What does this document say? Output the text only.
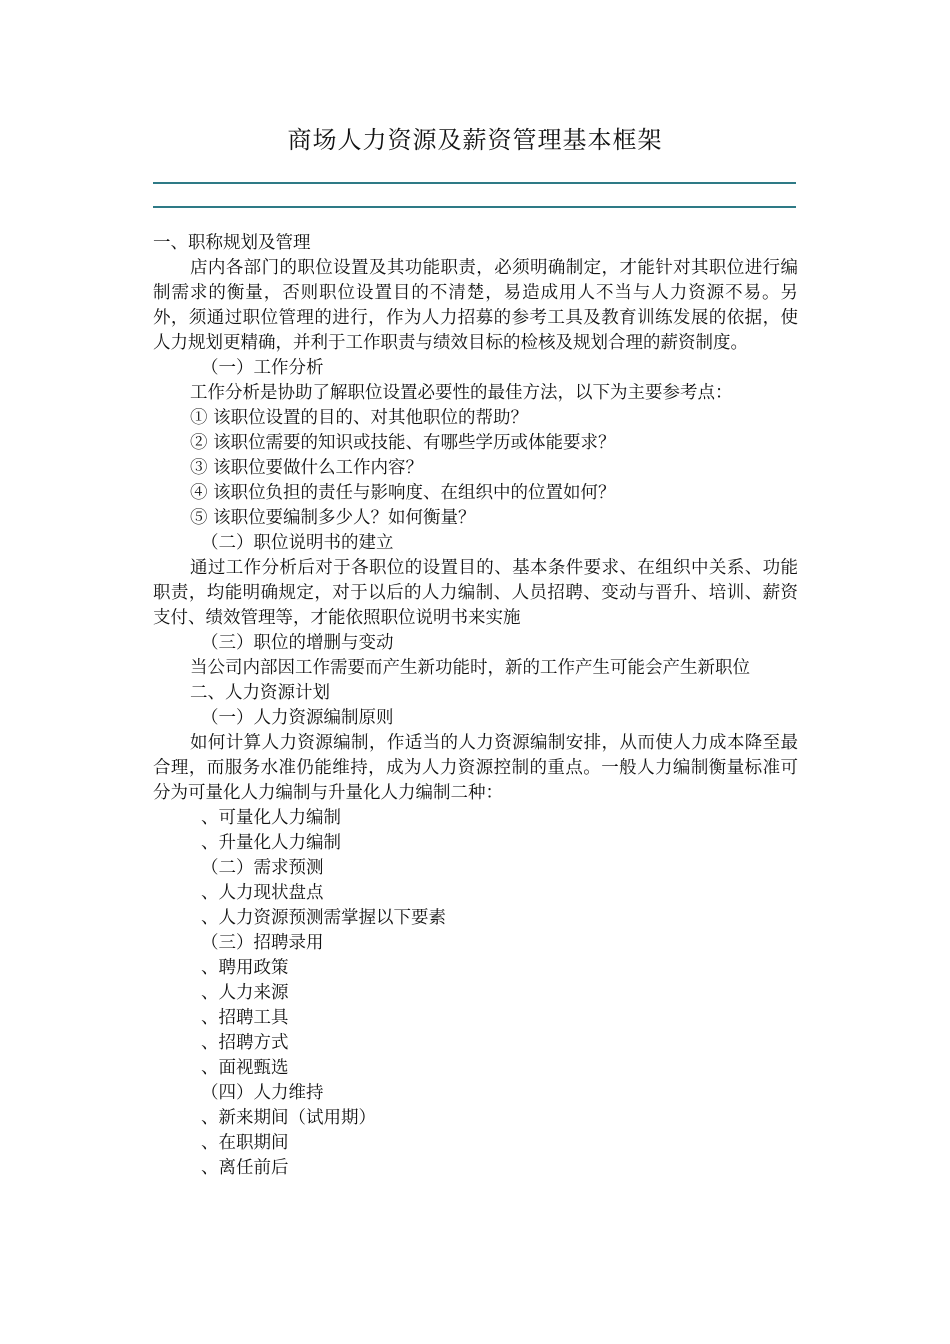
商场人力资源及薪资管理基本框架
一、职称规划及管理
店内各部门的职位设置及其功能职责，必须明确制定，才能针对其职位进行编制需求的衡量，否则职位设置目的不清楚，易造成用人不当与人力资源不易。另外，须通过职位管理的进行，作为人力招募的参考工具及教育训练发展的依据，使人力规划更精确，并利于工作职责与绩效目标的检核及规划合理的薪资制度。
（一）工作分析
工作分析是协助了解职位设置必要性的最佳方法，以下为主要参考点：
① 该职位设置的目的、对其他职位的帮助？
② 该职位需要的知识或技能、有哪些学历或体能要求？
③ 该职位要做什么工作内容？
④ 该职位负担的责任与影响度、在组织中的位置如何？
⑤ 该职位要编制多少人？如何衡量？
（二）职位说明书的建立
通过工作分析后对于各职位的设置目的、基本条件要求、在组织中关系、功能职责，均能明确规定，对于以后的人力编制、人员招聘、变动与晋升、培训、薪资支付、绩效管理等，才能依照职位说明书来实施
（三）职位的增删与变动
当公司内部因工作需要而产生新功能时，新的工作产生可能会产生新职位
二、人力资源计划
（一）人力资源编制原则
如何计算人力资源编制，作适当的人力资源编制安排，从而使人力成本降至最合理，而服务水准仍能维持，成为人力资源控制的重点。一般人力编制衡量标准可分为可量化人力编制与升量化人力编制二种：
、可量化人力编制
、升量化人力编制
（二）需求预测
、人力现状盘点
、人力资源预测需掌握以下要素
（三）招聘录用
、聘用政策
、人力来源
、招聘工具
、招聘方式
、面视甄选
（四）人力维持
、新来期间（试用期）
、在职期间
、离任前后
